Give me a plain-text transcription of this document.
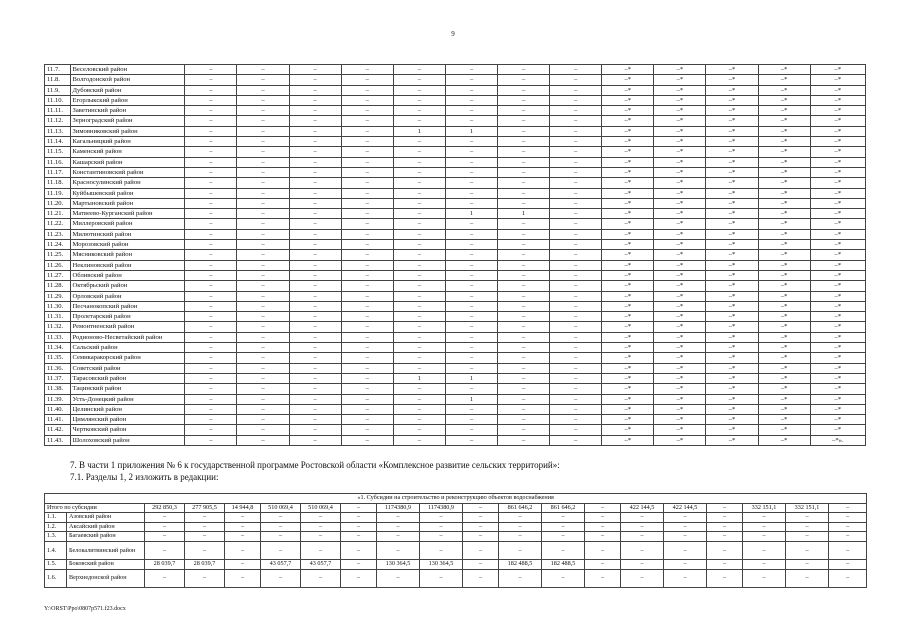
9
11.7.	Веселовский район	–	–	–	–	–	–	–	–	–*	–*	–*	–*	–*
11.8.	Волгодонской район	–	–	–	–	–	–	–	–	–*	–*	–*	–*	–*
11.9.	Дубовский район	–	–	–	–	–	–	–	–	–*	–*	–*	–*	–*
11.10.	Егорлыкский район	–	–	–	–	–	–	–	–	–*	–*	–*	–*	–*
11.11.	Заветинский район	–	–	–	–	–	–	–	–	–*	–*	–*	–*	–*
11.12.	Зерноградский район	–	–	–	–	–	–	–	–	–*	–*	–*	–*	–*
11.13.	Зимовниковский район	–	–	–	–	1	1	–	–	–*	–*	–*	–*	–*
11.14.	Кагальницкий район	–	–	–	–	–	–	–	–	–*	–*	–*	–*	–*
11.15.	Каменский район	–	–	–	–	–	–	–	–	–*	–*	–*	–*	–*
11.16.	Кашарский район	–	–	–	–	–	–	–	–	–*	–*	–*	–*	–*
11.17.	Константиновский район	–	–	–	–	–	–	–	–	–*	–*	–*	–*	–*
11.18.	Красносулинский район	–	–	–	–	–	–	–	–	–*	–*	–*	–*	–*
11.19.	Куйбышевский район	–	–	–	–	–	–	–	–	–*	–*	–*	–*	–*
11.20.	Мартыновский район	–	–	–	–	–	–	–	–	–*	–*	–*	–*	–*
11.21.	Матвеево-Курганский район	–	–	–	–	–	1	1	–	–*	–*	–*	–*	–*
11.22.	Миллеровский район	–	–	–	–	–	–	–	–	–*	–*	–*	–*	–*
11.23.	Милютинский район	–	–	–	–	–	–	–	–	–*	–*	–*	–*	–*
11.24.	Морозовский район	–	–	–	–	–	–	–	–	–*	–*	–*	–*	–*
11.25.	Мясниковский район	–	–	–	–	–	–	–	–	–*	–*	–*	–*	–*
11.26.	Неклиновский район	–	–	–	–	–	–	–	–	–*	–*	–*	–*	–*
11.27.	Обливский район	–	–	–	–	–	–	–	–	–*	–*	–*	–*	–*
11.28.	Октябрьский район	–	–	–	–	–	–	–	–	–*	–*	–*	–*	–*
11.29.	Орловский район	–	–	–	–	–	–	–	–	–*	–*	–*	–*	–*
11.30.	Песчанокопский район	–	–	–	–	–	–	–	–	–*	–*	–*	–*	–*
11.31.	Пролетарский район	–	–	–	–	–	–	–	–	–*	–*	–*	–*	–*
11.32.	Ремонтненский район	–	–	–	–	–	–	–	–	–*	–*	–*	–*	–*
11.33.	Родионово-Несветайский район	–	–	–	–	–	–	–	–	–*	–*	–*	–*	–*
11.34.	Сальский район	–	–	–	–	–	–	–	–	–*	–*	–*	–*	–*
11.35.	Семикаракорский район	–	–	–	–	–	–	–	–	–*	–*	–*	–*	–*
11.36.	Советский район	–	–	–	–	–	–	–	–	–*	–*	–*	–*	–*
11.37.	Тарасовский район	–	–	–	–	1	1	–	–	–*	–*	–*	–*	–*
11.38.	Тацинский район	–	–	–	–	–	–	–	–	–*	–*	–*	–*	–*
11.39.	Усть-Донецкий район	–	–	–	–	–	1	–	–	–*	–*	–*	–*	–*
11.40.	Целинский район	–	–	–	–	–	–	–	–	–*	–*	–*	–*	–*
11.41.	Цимлянский район	–	–	–	–	–	–	–	–	–*	–*	–*	–*	–*
11.42.	Чертковский район	–	–	–	–	–	–	–	–	–*	–*	–*	–*	–*
11.43.	Шолоховский район	–	–	–	–	–	–	–	–	–*	–*	–*	–*	–*».
7. В части 1 приложения № 6 к государственной программе Ростовской области «Комплексное развитие сельских территорий»:
7.1. Разделы 1, 2 изложить в редакции:
«1. Субсидии на строительство и реконструкцию объектов водоснабжения																			
Итого по субсидии		292 850,3	277 905,5	14 944,8	510 069,4	510 069,4	–	1174380,9	1174380,9	–	861 646,2	861 646,2	–	422 144,5	422 144,5	–	332 151,1	332 151,1	–
1.1.	Азовский район	–	–	–	–	–	–	–	–	–	–	–	–	–	–	–	–	–	–
1.2.	Аксайский район	–	–	–	–	–	–	–	–	–	–	–	–	–	–	–	–	–	–
1.3.	Багаевский район	–	–	–	–	–	–	–	–	–	–	–	–	–	–	–	–	–	–
1.4.	Белокалитвинский район	–	–	–	–	–	–	–	–	–	–	–	–	–	–	–	–	–	–
1.5.	Боковский район	28 039,7	28 039,7	–	43 057,7	43 057,7	–	130 364,5	130 364,5	–	182 488,5	182 488,5	–	–	–	–	–	–	–
1.6.	Верхнедонской район	–	–	–	–	–	–	–	–	–	–	–	–	–	–	–	–	–	–
Y:\ORST\Ppo\0807p571.f23.docx
